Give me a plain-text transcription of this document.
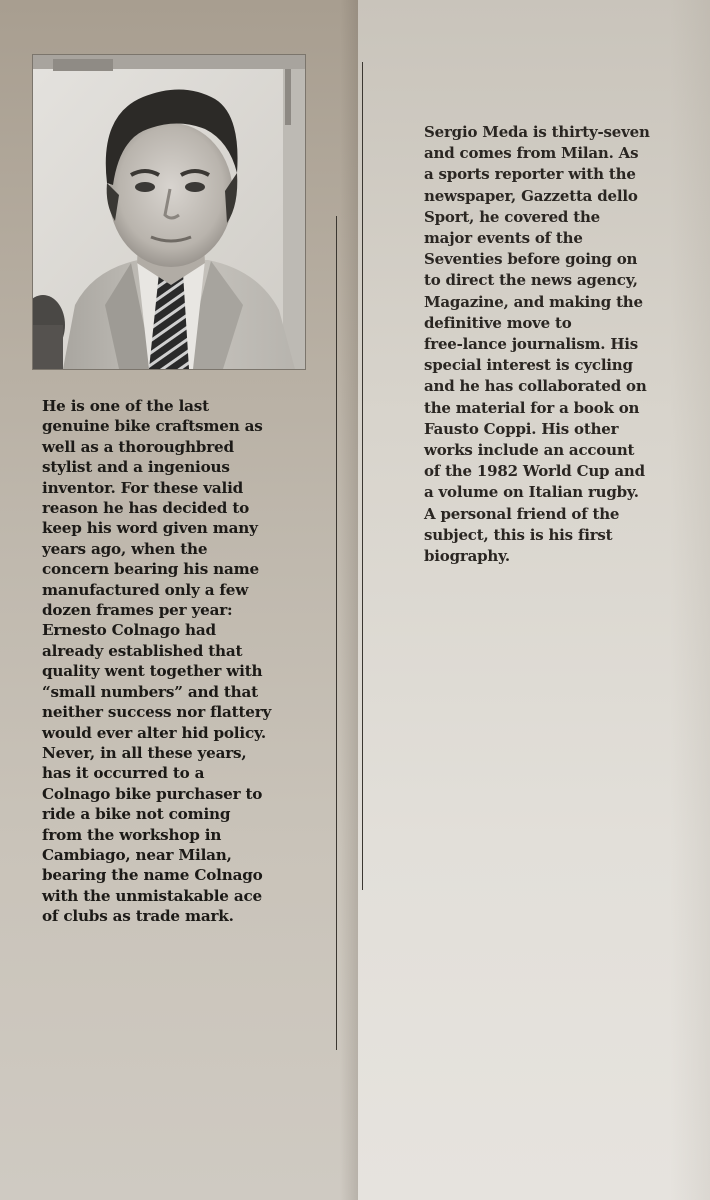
He is one of the last
genuine bike craftsmen as
well as a thoroughbred
stylist and a ingenious
inventor. For these valid
reason he has decided to
keep his word given many
years ago, when the
concern bearing his name
manufactured only a few
dozen frames per year:
Ernesto Colnago had
already established that
quality went together with
“small numbers” and that
neither success nor flattery
would ever alter hid policy.
Never, in all these years,
has it occurred to a
Colnago bike purchaser to
ride a bike not coming
from the workshop in
Cambiago, near Milan,
bearing the name Colnago
with the unmistakable ace
of clubs as trade mark.
Sergio Meda is thirty-seven
and comes from Milan. As
a sports reporter with the
newspaper, Gazzetta dello
Sport, he covered the
major events of the
Seventies before going on
to direct the news agency,
Magazine, and making the
definitive move to
free-lance journalism. His
special interest is cycling
and he has collaborated on
the material for a book on
Fausto Coppi. His other
works include an account
of the 1982 World Cup and
a volume on Italian rugby.
A personal friend of the
subject, this is his first
biography.
